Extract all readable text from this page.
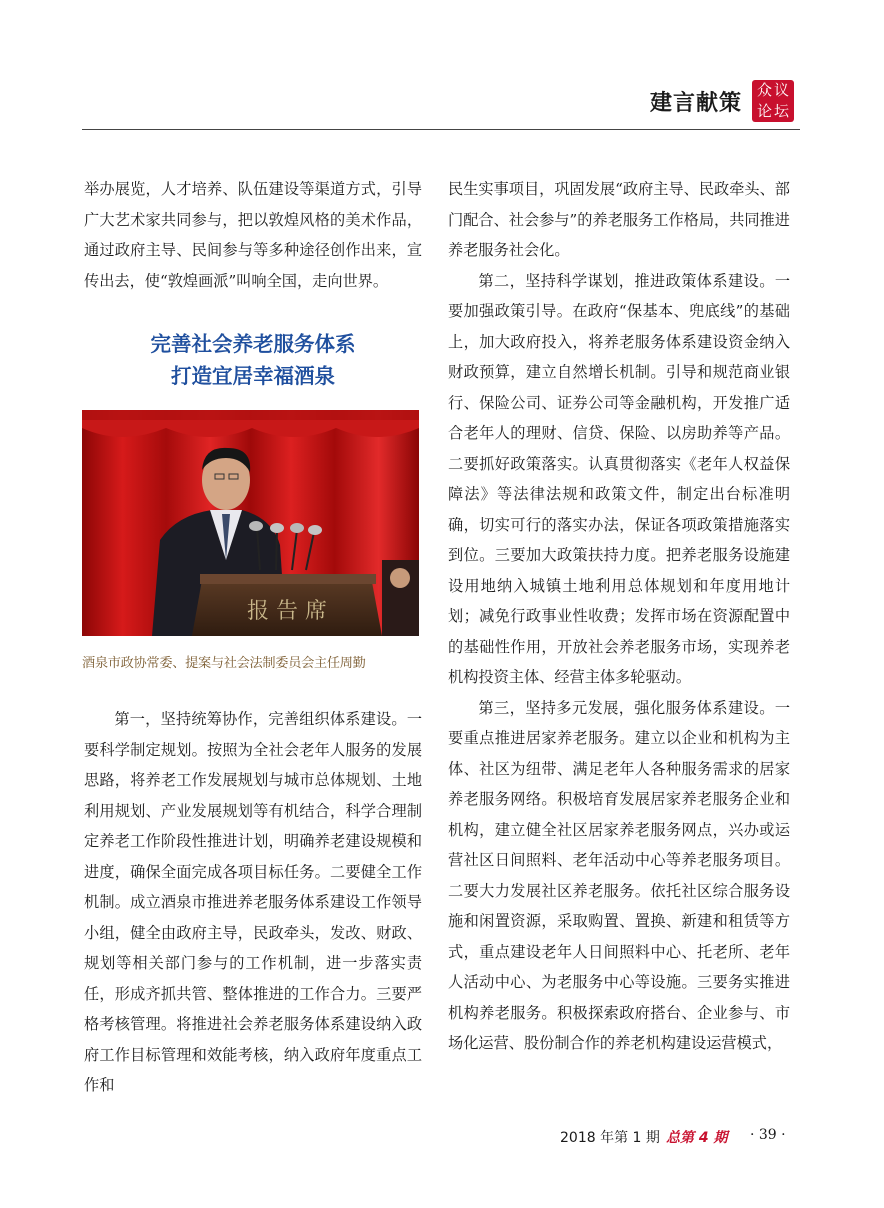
建言献策
众 议
论 坛

举办展览，人才培养、队伍建设等渠道方式，引导广大艺术家共同参与，把以敦煌风格的美术作品，通过政府主导、民间参与等多种途径创作出来，宣传出去，使“敦煌画派”叫响全国，走向世界。

完善社会养老服务体系
打造宜居幸福酒泉
报 告 席
酒泉市政协常委、提案与社会法制委员会主任周勤

第一，坚持统筹协作，完善组织体系建设。一要科学制定规划。按照为全社会老年人服务的发展思路，将养老工作发展规划与城市总体规划、土地利用规划、产业发展规划等有机结合，科学合理制定养老工作阶段性推进计划，明确养老建设规模和进度，确保全面完成各项目标任务。二要健全工作机制。成立酒泉市推进养老服务体系建设工作领导小组，健全由政府主导，民政牵头，发改、财政、规划等相关部门参与的工作机制，进一步落实责任，形成齐抓共管、整体推进的工作合力。三要严格考核管理。将推进社会养老服务体系建设纳入政府工作目标管理和效能考核，纳入政府年度重点工作和

民生实事项目，巩固发展“政府主导、民政牵头、部门配合、社会参与”的养老服务工作格局，共同推进养老服务社会化。

第二，坚持科学谋划，推进政策体系建设。一要加强政策引导。在政府“保基本、兜底线”的基础上，加大政府投入，将养老服务体系建设资金纳入财政预算，建立自然增长机制。引导和规范商业银行、保险公司、证券公司等金融机构，开发推广适合老年人的理财、信贷、保险、以房助养等产品。二要抓好政策落实。认真贯彻落实《老年人权益保障法》等法律法规和政策文件，制定出台标准明确，切实可行的落实办法，保证各项政策措施落实到位。三要加大政策扶持力度。把养老服务设施建设用地纳入城镇土地利用总体规划和年度用地计划；减免行政事业性收费；发挥市场在资源配置中的基础性作用，开放社会养老服务市场，实现养老机构投资主体、经营主体多轮驱动。

第三，坚持多元发展，强化服务体系建设。一要重点推进居家养老服务。建立以企业和机构为主体、社区为纽带、满足老年人各种服务需求的居家养老服务网络。积极培育发展居家养老服务企业和机构，建立健全社区居家养老服务网点，兴办或运营社区日间照料、老年活动中心等养老服务项目。二要大力发展社区养老服务。依托社区综合服务设施和闲置资源，采取购置、置换、新建和租赁等方式，重点建设老年人日间照料中心、托老所、老年人活动中心、为老服务中心等设施。三要务实推进机构养老服务。积极探索政府搭台、企业参与、市场化运营、股份制合作的养老机构建设运营模式，

2018 年第 1 期 总第 4 期 · 39 ·
